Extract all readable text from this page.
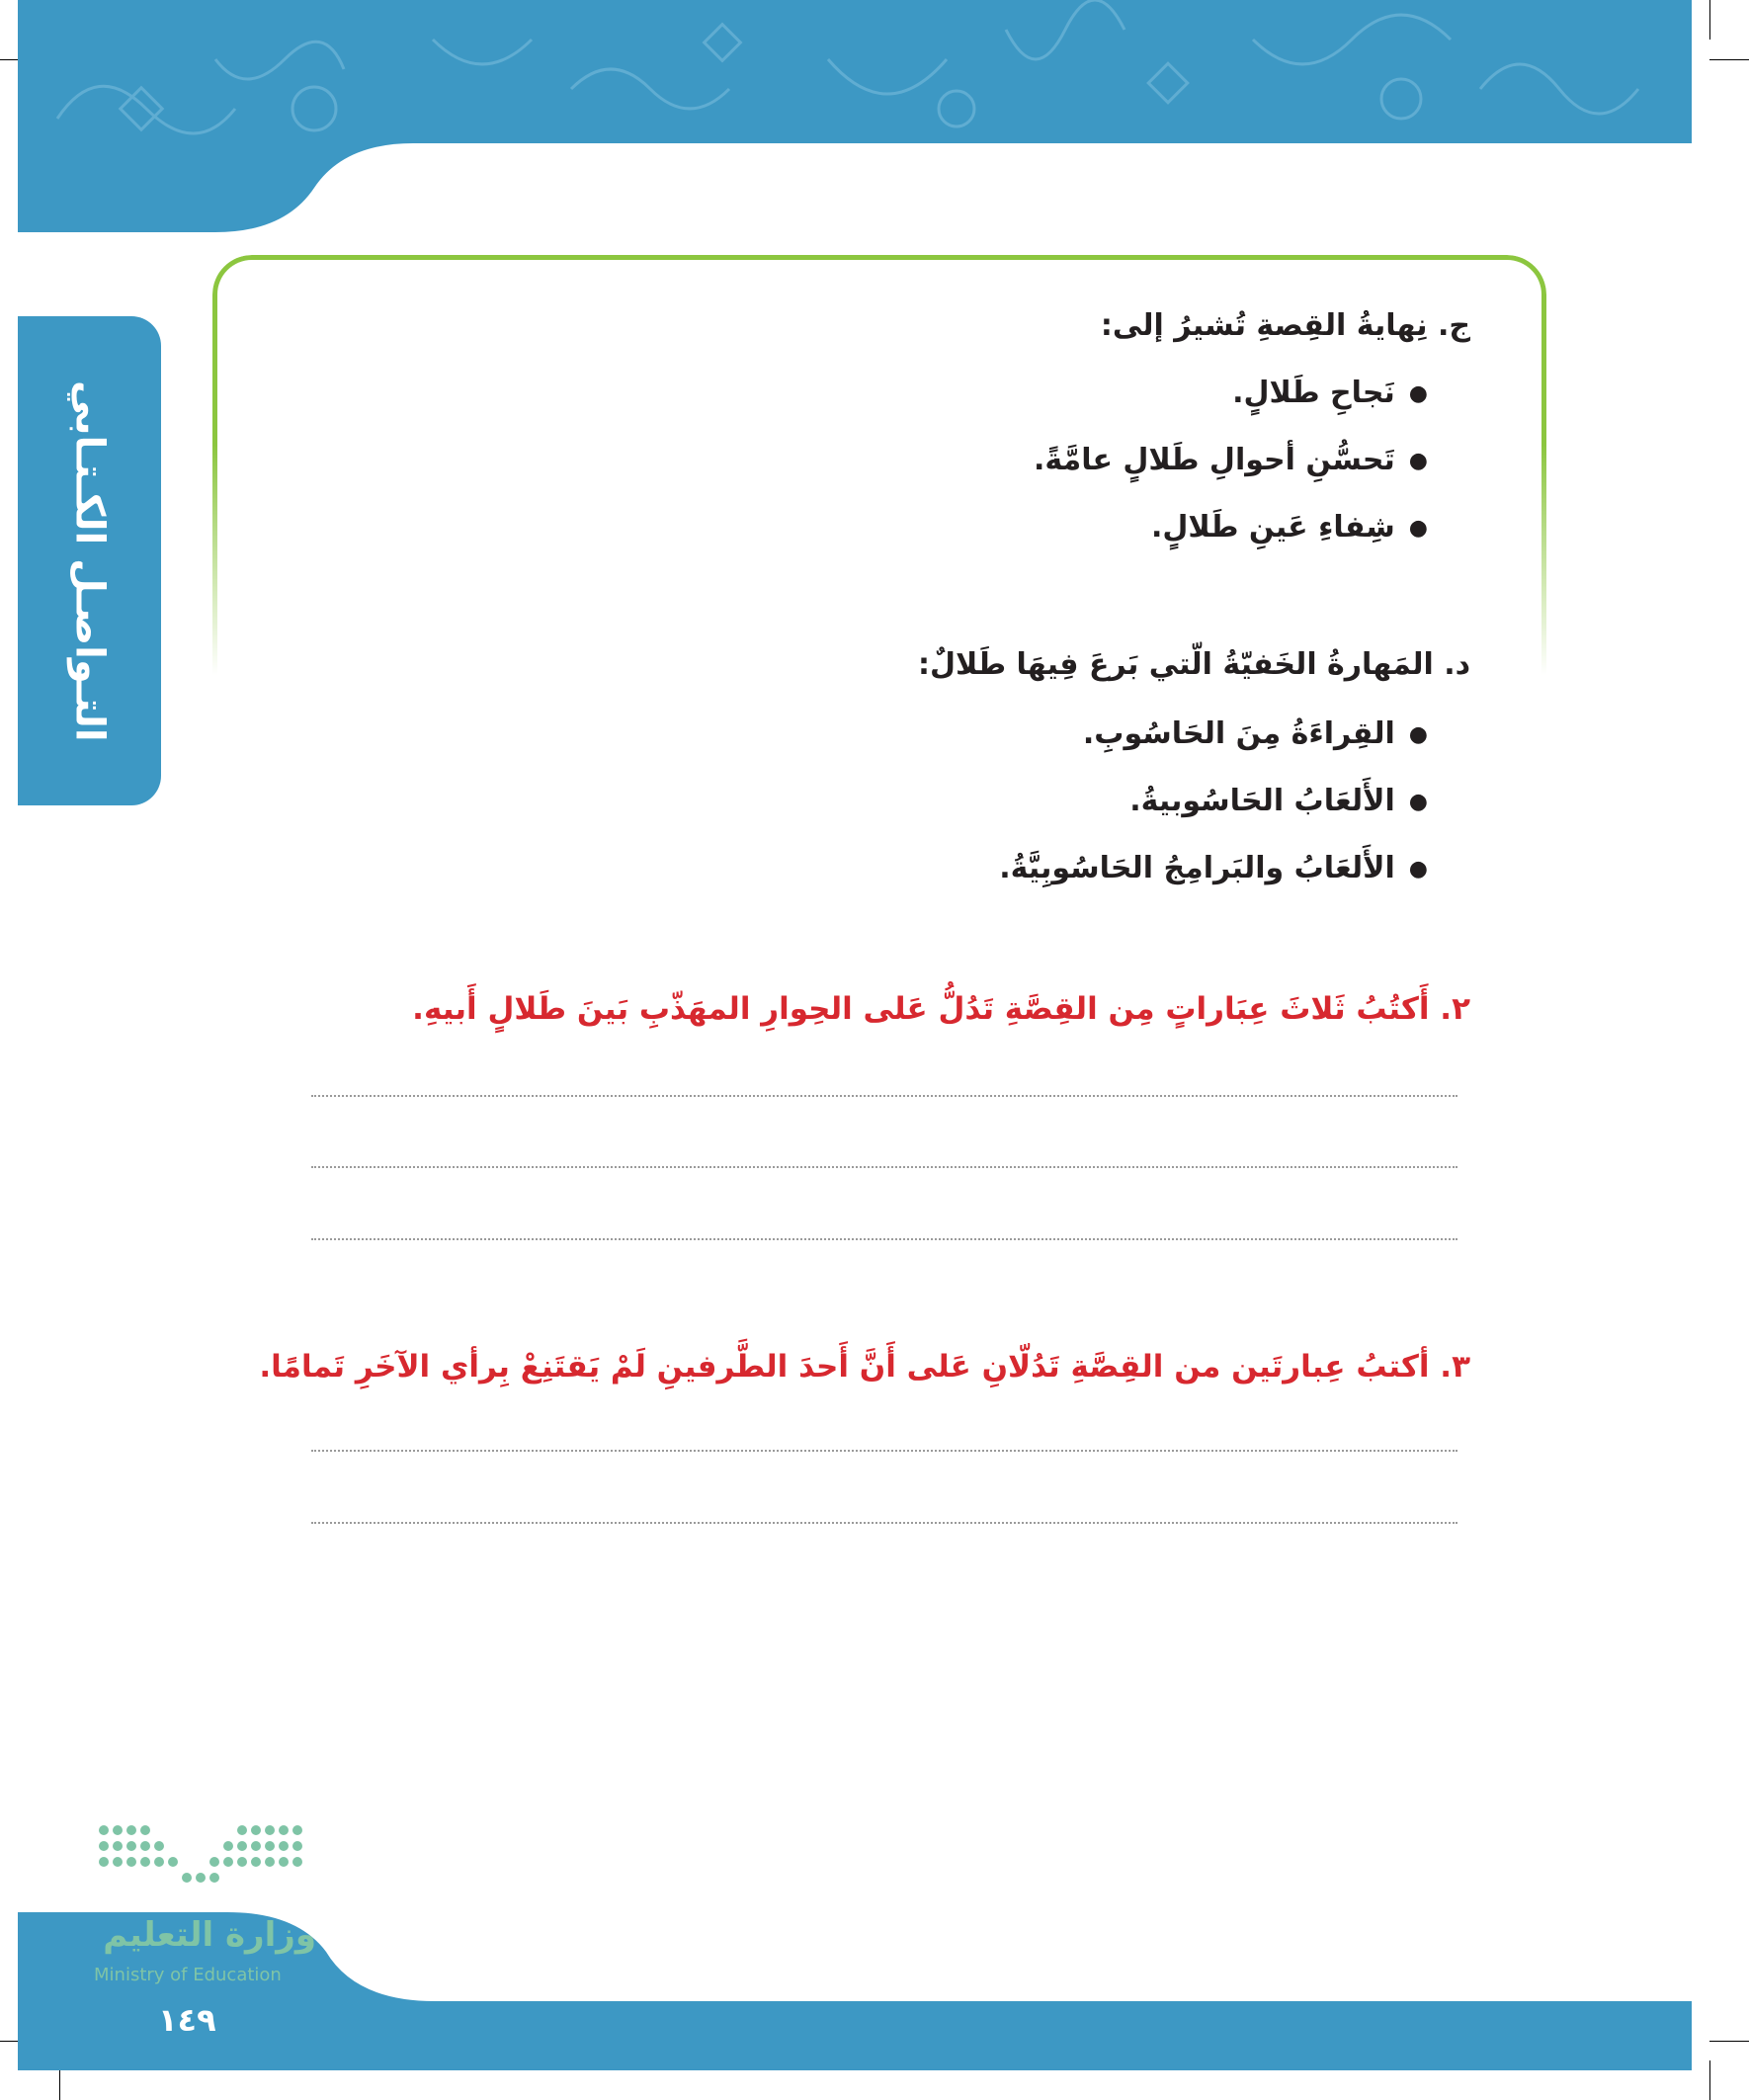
التـواصـل الكـتـابي
ج. نِهايةُ القِصةِ تُشيرُ إلى:
●نَجاحِ طَلالٍ.
●تَحسُّنِ أحوالِ طَلالٍ عامَّةً.
●شِفاءِ عَينِ طَلالٍ.
د. المَهارةُ الخَفيّةُ الّتي بَرعَ فِيهَا طَلالٌ:
●القِراءَةُ مِنَ الحَاسُوبِ.
●الأَلعَابُ الحَاسُوبيةُ.
●الأَلعَابُ والبَرامِجُ الحَاسُوبِيَّةُ.
٢. أَكتُبُ ثَلاثَ عِبَاراتٍ مِن القِصَّةِ تَدُلُّ عَلى الحِوارِ المهَذّبِ بَينَ طَلالٍ أَبيهِ.
٣. أكتبُ عِبارتَين من القِصَّةِ تَدُلّانِ عَلى أَنَّ أَحدَ الطَّرفينِ لَمْ يَقتَنِعْ بِرأي الآخَرِ تَمامًا.
وزارة التعليم
Ministry of Education
١٤٩
